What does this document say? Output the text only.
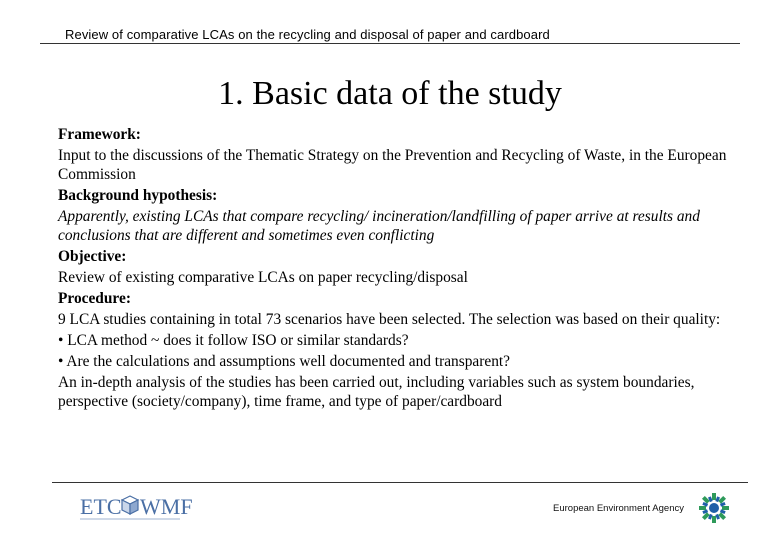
Review of comparative LCAs on the recycling and disposal of paper and cardboard
1. Basic data of the study

Framework:

Input to the discussions of the Thematic Strategy on the Prevention and Recycling of Waste, in the European Commission

Background hypothesis:

Apparently, existing LCAs that compare recycling/ incineration/landfilling of paper arrive at results and conclusions that are different and sometimes even conflicting

Objective:

Review of existing comparative LCAs on paper recycling/disposal

Procedure:

9 LCA studies containing in total 73 scenarios have been selected. The selection was based on their quality:

• LCA method ~ does it follow ISO or similar standards?

• Are the calculations and assumptions well documented and transparent?

An in-depth analysis of the studies has been carried out, including variables such as system boundaries, perspective (society/company), time frame, and type of paper/cardboard

ETC WMF	European Environment Agency
